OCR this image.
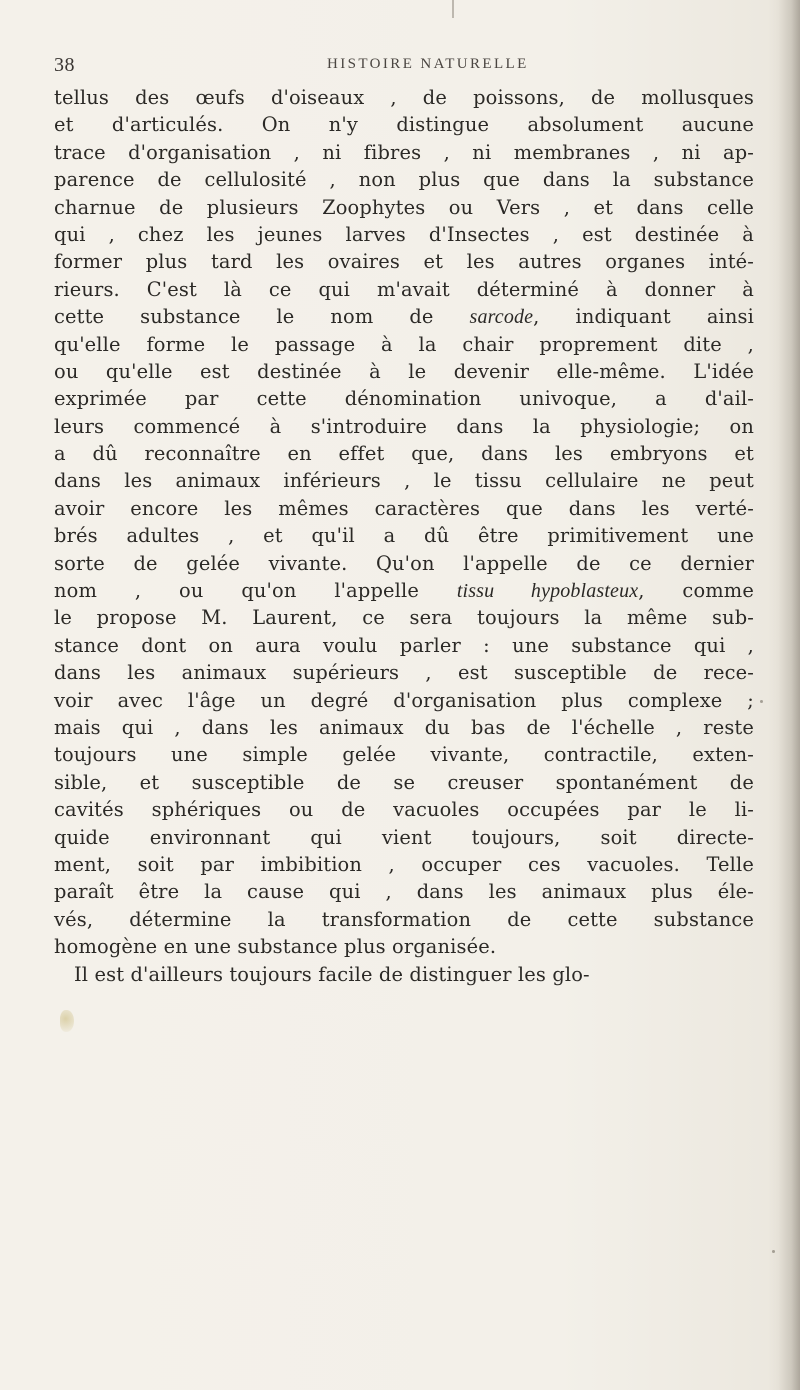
38	HISTOIRE NATURELLE
tellus des œufs d'oiseaux , de poissons, de mollusques
et d'articulés. On n'y distingue absolument aucune
trace d'organisation , ni fibres , ni membranes , ni ap-
parence de cellulosité , non plus que dans la substance
charnue de plusieurs Zoophytes ou Vers , et dans celle
qui , chez les jeunes larves d'Insectes , est destinée à
former plus tard les ovaires et les autres organes inté-
rieurs. C'est là ce qui m'avait déterminé à donner à
cette substance le nom de sarcode, indiquant ainsi
qu'elle forme le passage à la chair proprement dite ,
ou qu'elle est destinée à le devenir elle-même. L'idée
exprimée par cette dénomination univoque, a d'ail-
leurs commencé à s'introduire dans la physiologie; on
a dû reconnaître en effet que, dans les embryons et
dans les animaux inférieurs , le tissu cellulaire ne peut
avoir encore les mêmes caractères que dans les verté-
brés adultes , et qu'il a dû être primitivement une
sorte de gelée vivante. Qu'on l'appelle de ce dernier
nom , ou qu'on l'appelle tissu hypoblasteux, comme
le propose M. Laurent, ce sera toujours la même sub-
stance dont on aura voulu parler : une substance qui ,
dans les animaux supérieurs , est susceptible de rece-
voir avec l'âge un degré d'organisation plus complexe ;
mais qui , dans les animaux du bas de l'échelle , reste
toujours une simple gelée vivante, contractile, exten-
sible, et susceptible de se creuser spontanément de
cavités sphériques ou de vacuoles occupées par le li-
quide environnant qui vient toujours, soit directe-
ment, soit par imbibition , occuper ces vacuoles. Telle
paraît être la cause qui , dans les animaux plus éle-
vés, détermine la transformation de cette substance
homogène en une substance plus organisée.
Il est d'ailleurs toujours facile de distinguer les glo-
